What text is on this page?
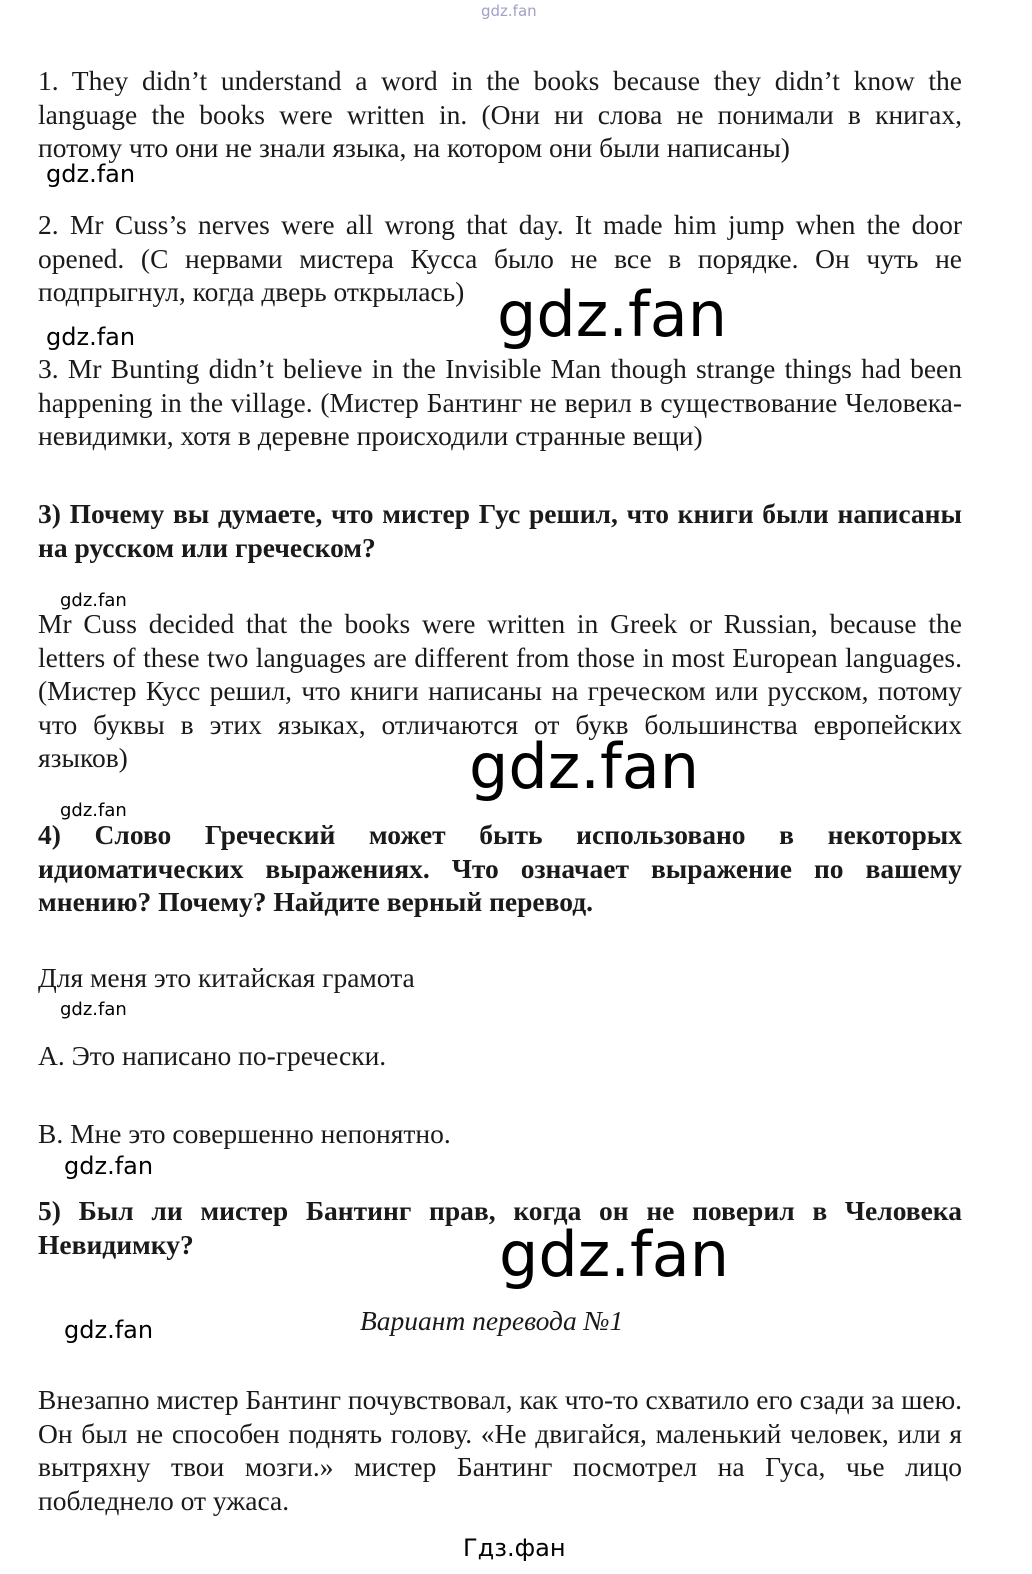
gdz.fan
1. They didn’t understand a word in the books because they didn’t know the language the books were written in. (Они ни слова не понимали в книгах, потому что они не знали языка, на котором они были написаны)
gdz.fan
2. Mr Cuss’s nerves were all wrong that day. It made him jump when the door opened. (С нервами мистера Кусса было не все в порядке. Он чуть не подпрыгнул, когда дверь открылась) gdz.fan
gdz.fan
3. Mr Bunting didn’t believe in the Invisible Man though strange things had been happening in the village. (Мистер Бантинг не верил в существование Человека-невидимки, хотя в деревне происходили странные вещи)
3) Почему вы думаете, что мистер Гус решил, что книги были написаны на русском или греческом?
gdz.fan
Mr Cuss decided that the books were written in Greek or Russian, because the letters of these two languages are different from those in most European languages. (Мистер Кусс решил, что книги написаны на греческом или русском, потому что буквы в этих языках, отличаются от букв большинства европейских языков)	gdz.fan
gdz.fan
4) Слово Греческий может быть использовано в некоторых идиоматических выражениях. Что означает выражение по вашему мнению? Почему? Найдите верный перевод.
Для меня это китайская грамота
gdz.fan
А. Это написано по-гречески.
В. Мне это совершенно непонятно.
gdz.fan
5) Был ли мистер Бантинг прав, когда он не поверил в Человека Невидимку?	gdz.fan
gdz.fan	Вариант перевода №1
Внезапно мистер Бантинг почувствовал, как что-то схватило его сзади за шею. Он был не способен поднять голову. «Не двигайся, маленький человек, или я вытряхну твои мозги.» мистер Бантинг посмотрел на Гуса, чье лицо побледнело от ужаса.
Гдз.фан
